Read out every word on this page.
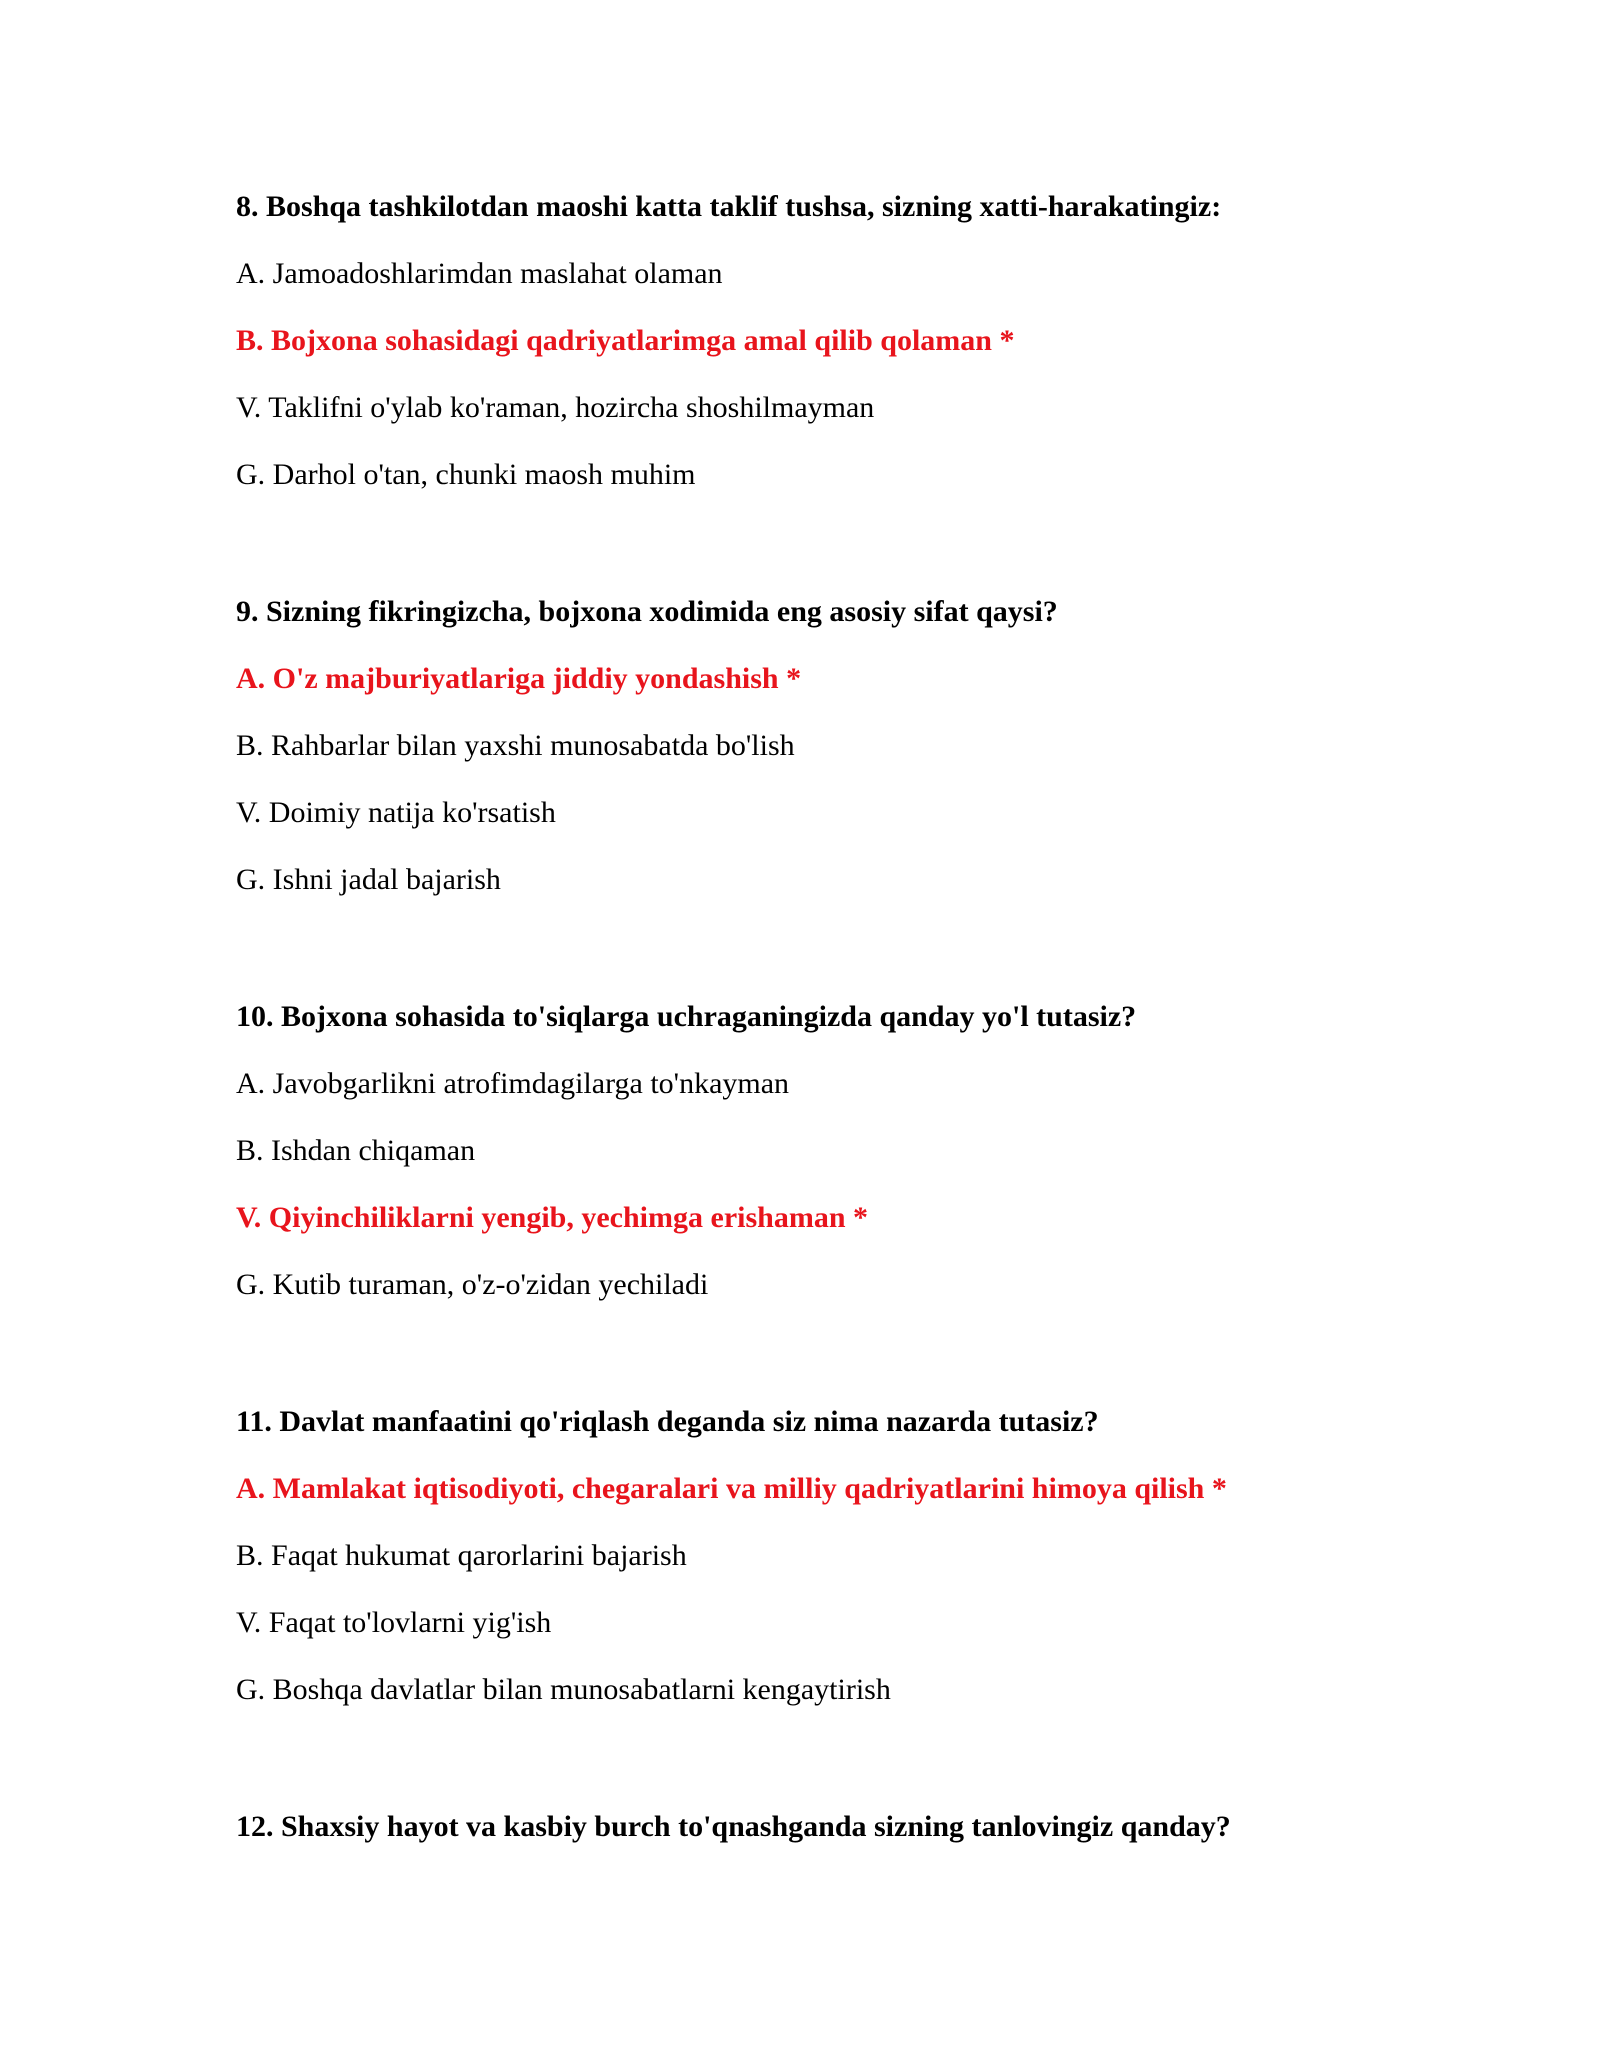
8. Boshqa tashkilotdan maoshi katta taklif tushsa, sizning xatti-harakatingiz:
A. Jamoadoshlarimdan maslahat olaman
B. Bojxona sohasidagi qadriyatlarimga amal qilib qolaman *
V. Taklifni o'ylab ko'raman, hozircha shoshilmayman
G. Darhol o'tan, chunki maosh muhim
9. Sizning fikringizcha, bojxona xodimida eng asosiy sifat qaysi?
A. O'z majburiyatlariga jiddiy yondashish *
B. Rahbarlar bilan yaxshi munosabatda bo'lish
V. Doimiy natija ko'rsatish
G. Ishni jadal bajarish
10. Bojxona sohasida to'siqlarga uchraganingizda qanday yo'l tutasiz?
A. Javobgarlikni atrofimdagilarga to'nkayman
B. Ishdan chiqaman
V. Qiyinchiliklarni yengib, yechimga erishaman *
G. Kutib turaman, o'z-o'zidan yechiladi
11. Davlat manfaatini qo'riqlash deganda siz nima nazarda tutasiz?
A. Mamlakat iqtisodiyoti, chegaralari va milliy qadriyatlarini himoya qilish *
B. Faqat hukumat qarorlarini bajarish
V. Faqat to'lovlarni yig'ish
G. Boshqa davlatlar bilan munosabatlarni kengaytirish
12. Shaxsiy hayot va kasbiy burch to'qnashganda sizning tanlovingiz qanday?
